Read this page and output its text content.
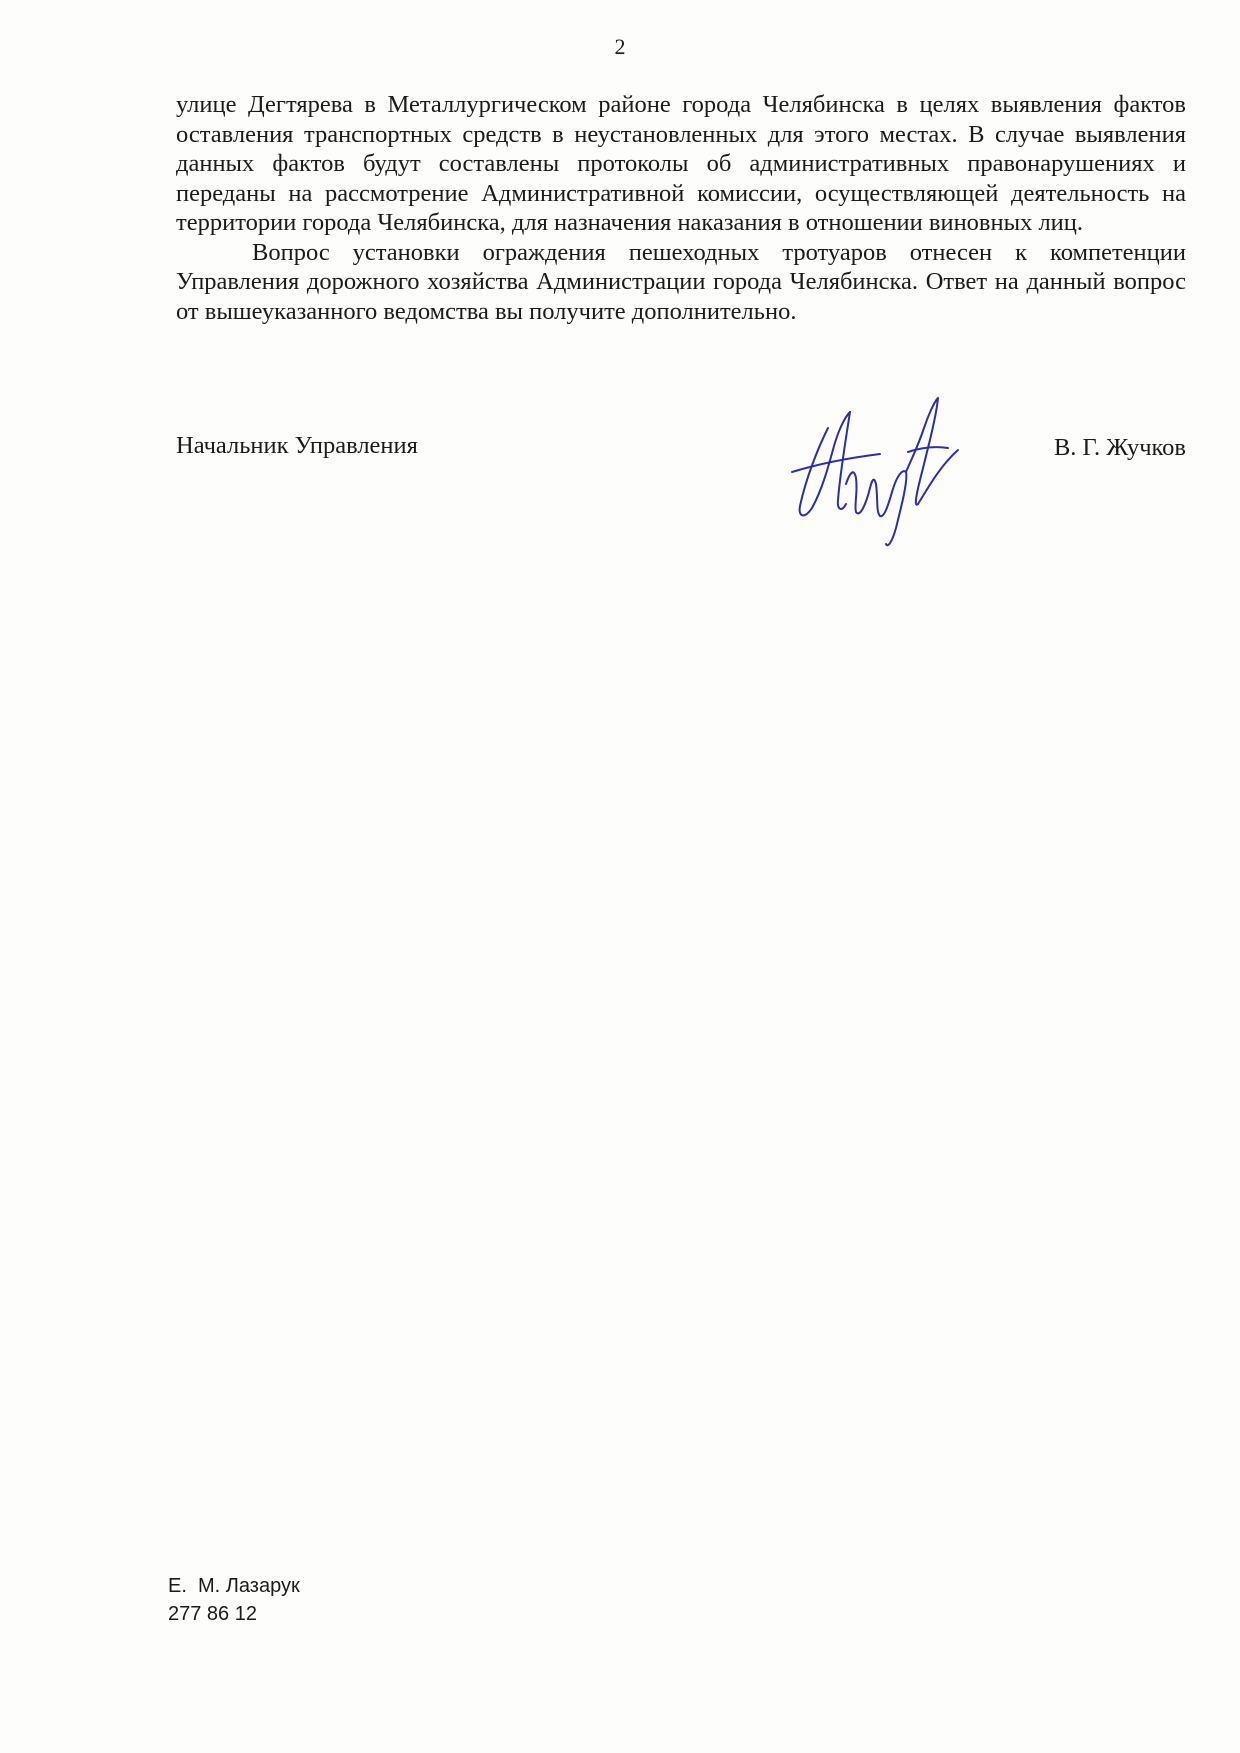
2

улице Дегтярева в Металлургическом районе города Челябинска в целях выявления фактов оставления транспортных средств в неустановленных для этого местах. В случае выявления данных фактов будут составлены протоколы об административных правонарушениях и переданы на рассмотрение Административной комиссии, осуществляющей деятельность на территории города Челябинска, для назначения наказания в отношении виновных лиц.

Вопрос установки ограждения пешеходных тротуаров отнесен к компетенции Управления дорожного хозяйства Администрации города Челябинска. Ответ на данный вопрос от вышеуказанного ведомства вы получите дополнительно.

Начальник Управления	В. Г. Жучков
Е.  М. Лазарук
277 86 12
